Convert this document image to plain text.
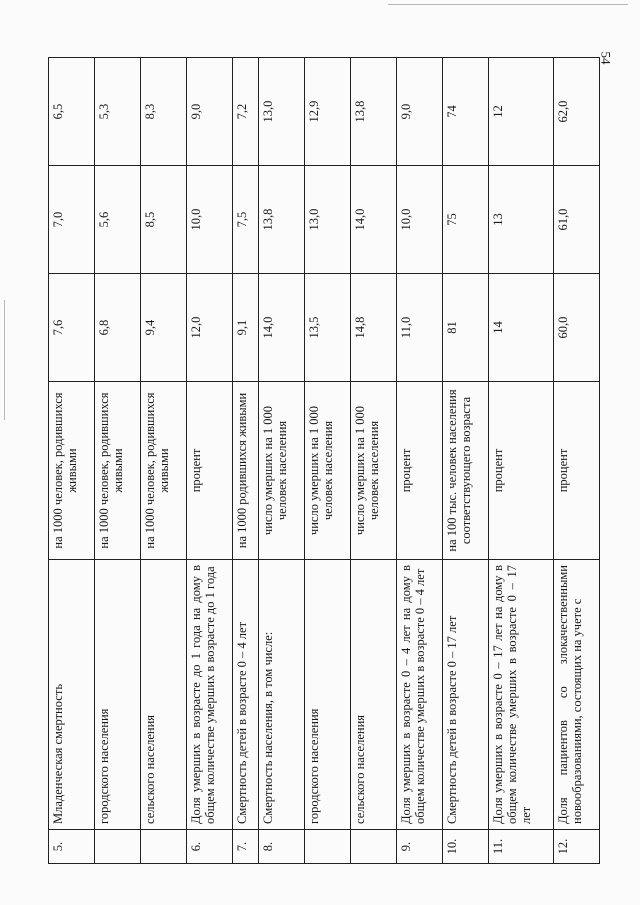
54
5.	Младенческая смертность	на 1000 человек, родившихся живыми	7,6	7,0	6,5
	городского населения	на 1000 человек, родившихся живыми	6,8	5,6	5,3
	сельского населения	на 1000 человек, родившихся живыми	9,4	8,5	8,3
6.	Доля умерших в возрасте до 1 года на дому в общем количестве умерших в возрасте до 1 года	процент	12,0	10,0	9,0
7.	Смертность детей в возрасте 0 – 4 лет	на 1000 родившихся живыми	9,1	7,5	7,2
8.	Смертность населения, в том числе:	число умерших на 1 000 человек населения	14,0	13,8	13,0
	городского населения	число умерших на 1 000 человек населения	13,5	13,0	12,9
	сельского населения	число умерших на 1 000 человек населения	14,8	14,0	13,8
9.	Доля умерших в возрасте 0 – 4 лет на дому в общем количестве умерших в возрасте 0 – 4 лет	процент	11,0	10,0	9,0
10.	Смертность детей в возрасте 0 – 17 лет	на 100 тыс. человек населения соответствующего возраста	81	75	74
11.	Доля умерших в возрасте 0 – 17 лет на дому в общем количестве умерших в возрасте 0 – 17 лет	процент	14	13	12
12.	Доля пациентов со злокачественными новообразованиями, состоящих на учете с	процент	60,0	61,0	62,0
